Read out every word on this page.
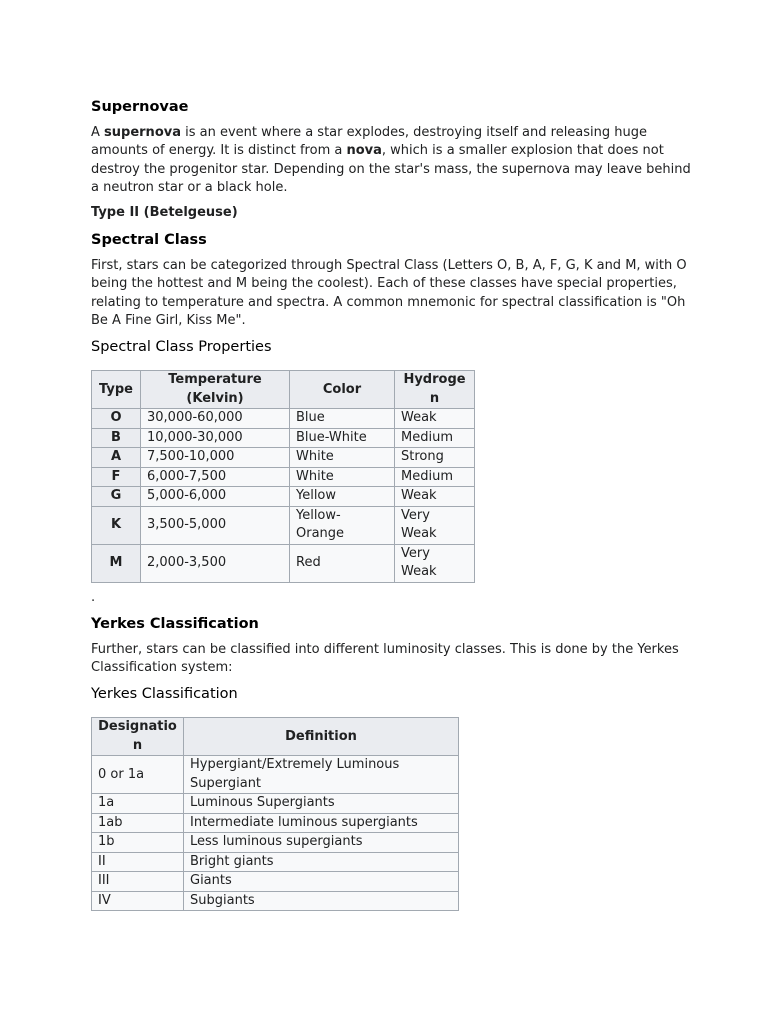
Supernovae

A supernova is an event where a star explodes, destroying itself and releasing huge amounts of energy. It is distinct from a nova, which is a smaller explosion that does not destroy the progenitor star. Depending on the star's mass, the supernova may leave behind a neutron star or a black hole.

Type II (Betelgeuse)
Spectral Class

First, stars can be categorized through Spectral Class (Letters O, B, A, F, G, K and M, with O being the hottest and M being the coolest). Each of these classes have special properties, relating to temperature and spectra. A common mnemonic for spectral classification is "Oh Be A Fine Girl, Kiss Me".

Spectral Class Properties
Type	Temperature (Kelvin)	Color	Hydrogen
O	30,000-60,000	Blue	Weak
B	10,000-30,000	Blue-White	Medium
A	7,500-10,000	White	Strong
F	6,000-7,500	White	Medium
G	5,000-6,000	Yellow	Weak
K	3,500-5,000	Yellow-Orange	Very Weak
M	2,000-3,500	Red	Very Weak
.
Yerkes Classification

Further, stars can be classified into different luminosity classes. This is done by the Yerkes Classification system:

Yerkes Classification
Designation	Definition
0 or 1a	Hypergiant/Extremely Luminous Supergiant
1a	Luminous Supergiants
1ab	Intermediate luminous supergiants
1b	Less luminous supergiants
II	Bright giants
III	Giants
IV	Subgiants
